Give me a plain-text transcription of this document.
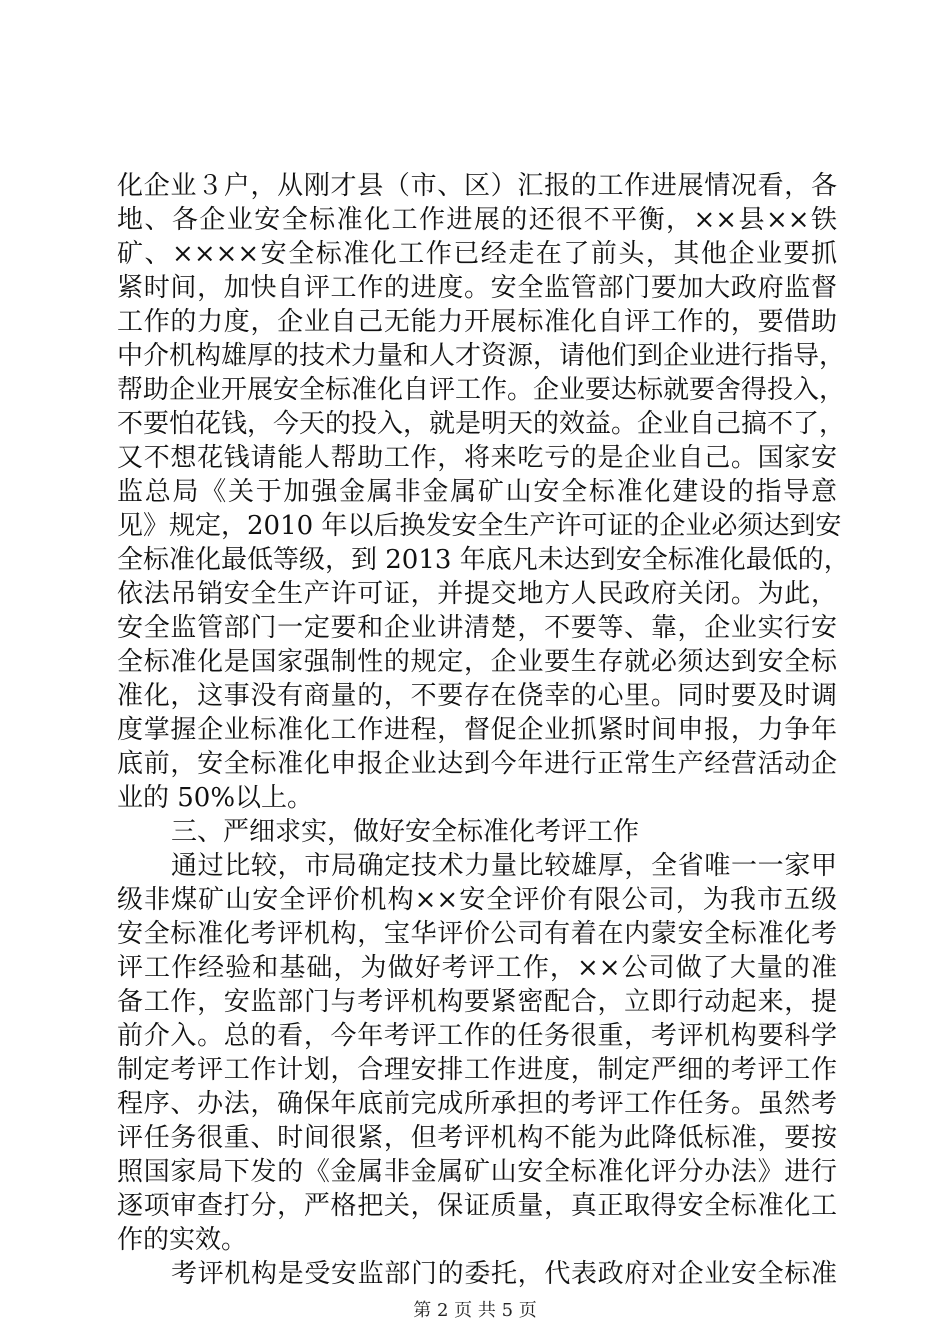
化企业３户，从刚才县（市、区）汇报的工作进展情况看，各
地、各企业安全标准化工作进展的还很不平衡，××县××铁
矿、××××安全标准化工作已经走在了前头，其他企业要抓
紧时间，加快自评工作的进度。安全监管部门要加大政府监督
工作的力度，企业自己无能力开展标准化自评工作的，要借助
中介机构雄厚的技术力量和人才资源，请他们到企业进行指导，
帮助企业开展安全标准化自评工作。企业要达标就要舍得投入，
不要怕花钱，今天的投入，就是明天的效益。企业自己搞不了，
又不想花钱请能人帮助工作，将来吃亏的是企业自己。国家安
监总局《关于加强金属非金属矿山安全标准化建设的指导意
见》规定，2010 年以后换发安全生产许可证的企业必须达到安
全标准化最低等级，到 2013 年底凡未达到安全标准化最低的，
依法吊销安全生产许可证，并提交地方人民政府关闭。为此，
安全监管部门一定要和企业讲清楚，不要等、靠，企业实行安
全标准化是国家强制性的规定，企业要生存就必须达到安全标
准化，这事没有商量的，不要存在侥幸的心里。同时要及时调
度掌握企业标准化工作进程，督促企业抓紧时间申报，力争年
底前，安全标准化申报企业达到今年进行正常生产经营活动企
业的 50%以上。
三、严细求实，做好安全标准化考评工作
通过比较，市局确定技术力量比较雄厚，全省唯一一家甲
级非煤矿山安全评价机构××安全评价有限公司，为我市五级
安全标准化考评机构，宝华评价公司有着在内蒙安全标准化考
评工作经验和基础，为做好考评工作，××公司做了大量的准
备工作，安监部门与考评机构要紧密配合，立即行动起来，提
前介入。总的看，今年考评工作的任务很重，考评机构要科学
制定考评工作计划，合理安排工作进度，制定严细的考评工作
程序、办法，确保年底前完成所承担的考评工作任务。虽然考
评任务很重、时间很紧，但考评机构不能为此降低标准，要按
照国家局下发的《金属非金属矿山安全标准化评分办法》进行
逐项审查打分，严格把关，保证质量，真正取得安全标准化工
作的实效。
考评机构是受安监部门的委托，代表政府对企业安全标准
第 2 页 共 5 页
